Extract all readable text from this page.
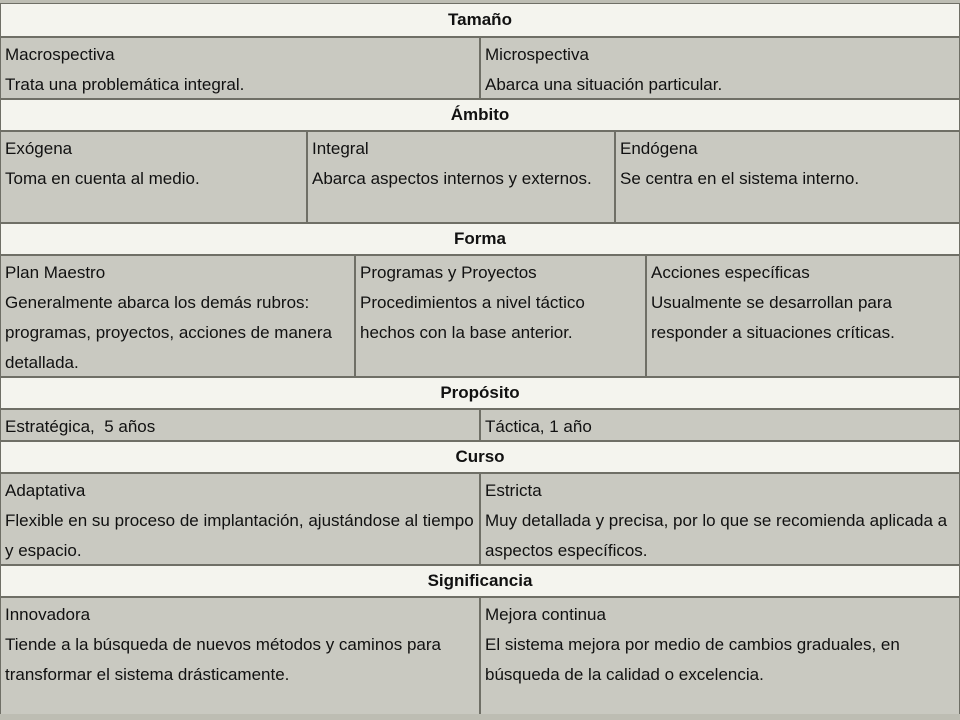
Tamaño
Macrospectiva
Trata una problemática integral.
Microspectiva
Abarca una situación particular.
Ámbito
Exógena
Toma en cuenta al medio.
Integral
Abarca aspectos internos y externos.
Endógena
Se centra en el sistema interno.
Forma
Plan Maestro
Generalmente abarca los demás rubros: programas, proyectos, acciones de manera detallada.
Programas y Proyectos
Procedimientos a nivel táctico hechos con la base anterior.
Acciones específicas
Usualmente se desarrollan para responder a situaciones críticas.
Propósito
Estratégica,  5 años	Táctica, 1 año
Curso
Adaptativa
Flexible en su proceso de implantación, ajustándose al tiempo y espacio.
Estricta
Muy detallada y precisa, por lo que se recomienda aplicada a aspectos específicos.
Significancia
Innovadora
Tiende a la búsqueda de nuevos métodos y caminos para transformar el sistema drásticamente.
Mejora continua
El sistema mejora por medio de cambios graduales, en búsqueda de la calidad o excelencia.
